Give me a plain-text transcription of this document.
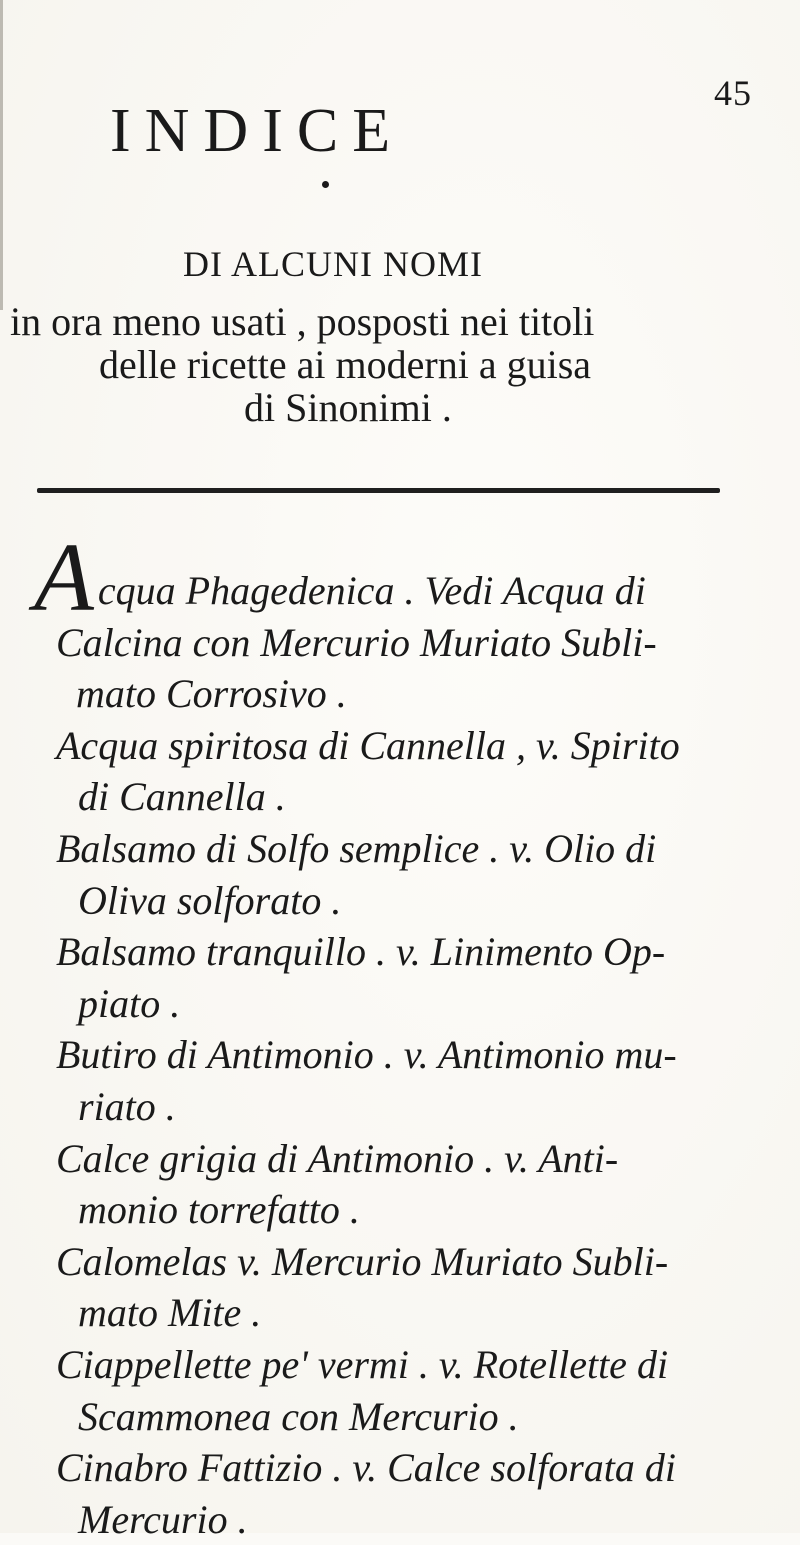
45
INDICE
DI ALCUNI NOMI
in ora meno usati , posposti nei titoli
delle ricette ai moderni a guisa
di Sinonimi .
Acqua Phagedenica . Vedi Acqua di
Calcina con Mercurio Muriato Subli-
mato Corrosivo .
Acqua spiritosa di Cannella , v. Spirito
di Cannella .
Balsamo di Solfo semplice . v. Olio di
Oliva solforato .
Balsamo tranquillo . v. Linimento Op-
piato .
Butiro di Antimonio . v. Antimonio mu-
riato .
Calce grigia di Antimonio . v. Anti-
monio torrefatto .
Calomelas v. Mercurio Muriato Subli-
mato Mite .
Ciappellette pe' vermi . v. Rotellette di
Scammonea con Mercurio .
Cinabro Fattizio . v. Calce solforata di
Mercurio .
